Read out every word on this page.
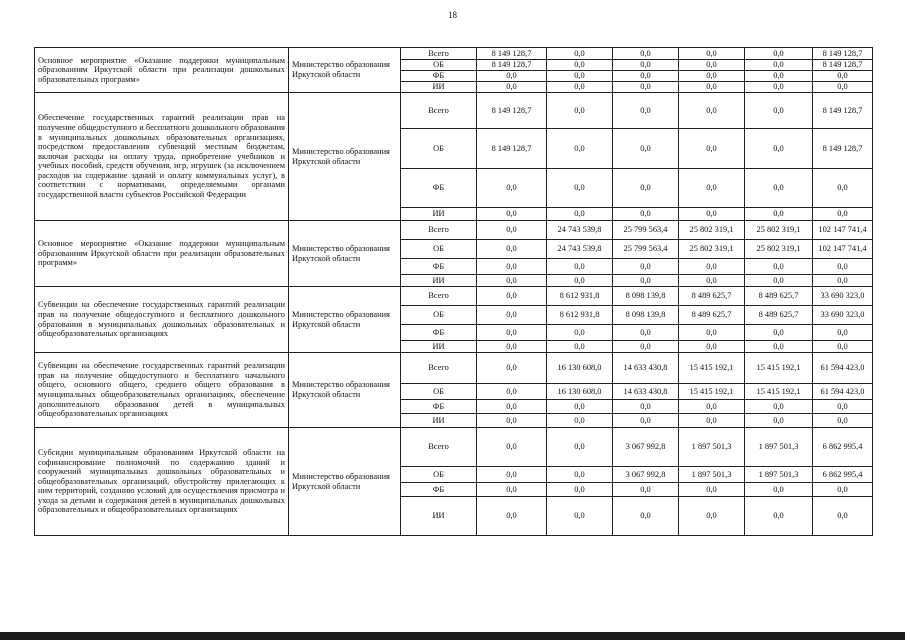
18
Основное мероприятие «Оказание поддержки муниципальным образованиям Иркутской области при реализации дошкольных образовательных программ»	Министерство образования Иркутской области	Всего	8 149 128,7	0,0	0,0	0,0	0,0	8 149 128,7
		ОБ	8 149 128,7	0,0	0,0	0,0	0,0	8 149 128,7
		ФБ	0,0	0,0	0,0	0,0	0,0	0,0
		ИИ	0,0	0,0	0,0	0,0	0,0	0,0
Обеспечение государственных гарантий реализации прав на получение общедоступного и бесплатного дошкольного образования в муниципальных дошкольных образовательных организациях, посредством предоставления субвенций местным бюджетам, включая расходы на оплату труда, приобретение учебников и учебных пособий, средств обучения, игр, игрушек (за исключением расходов на содержание зданий и оплату коммунальных услуг), в соответствии с нормативами, определяемыми органами государственной власти субъектов Российской Федерации	Министерство образования Иркутской области	Всего	8 149 128,7	0,0	0,0	0,0	0,0	8 149 128,7
		ОБ	8 149 128,7	0,0	0,0	0,0	0,0	8 149 128,7
		ФБ	0,0	0,0	0,0	0,0	0,0	0,0
		ИИ	0,0	0,0	0,0	0,0	0,0	0,0
Основное мероприятие «Оказание поддержки муниципальным образованиям Иркутской области при реализации образовательных программ»	Министерство образования Иркутской области	Всего	0,0	24 743 539,8	25 799 563,4	25 802 319,1	25 802 319,1	102 147 741,4
		ОБ	0,0	24 743 539,8	25 799 563,4	25 802 319,1	25 802 319,1	102 147 741,4
		ФБ	0,0	0,0	0,0	0,0	0,0	0,0
		ИИ	0,0	0,0	0,0	0,0	0,0	0,0
Субвенции на обеспечение государственных гарантий реализации прав на получение общедоступного и бесплатного дошкольного образования в муниципальных дошкольных образовательных и общеобразовательных организациях	Министерство образования Иркутской области	Всего	0,0	8 612 931,8	8 098 139,8	8 489 625,7	8 489 625,7	33 690 323,0
		ОБ	0,0	8 612 931,8	8 098 139,8	8 489 625,7	8 489 625,7	33 690 323,0
		ФБ	0,0	0,0	0,0	0,0	0,0	0,0
		ИИ	0,0	0,0	0,0	0,0	0,0	0,0
Субвенции на обеспечение государственных гарантий реализации прав на получение общедоступного и бесплатного начального общего, основного общего, среднего общего образования в муниципальных общеобразовательных организациях, обеспечение дополнительного образования детей в муниципальных общеобразовательных организациях	Министерство образования Иркутской области	Всего	0,0	16 130 608,0	14 633 430,8	15 415 192,1	15 415 192,1	61 594 423,0
		ОБ	0,0	16 130 608,0	14 633 430,8	15 415 192,1	15 415 192,1	61 594 423,0
		ФБ	0,0	0,0	0,0	0,0	0,0	0,0
		ИИ	0,0	0,0	0,0	0,0	0,0	0,0
Субсидии муниципальным образованиям Иркутской области на софинансирование полномочий по содержанию зданий и сооружений муниципальных дошкольных образовательных и общеобразовательных организаций, обустройству прилегающих к ним территорий, созданию условий для осуществления присмотра и ухода за детьми и содержания детей в муниципальных дошкольных образовательных и общеобразовательных организациях	Министерство образования Иркутской области	Всего	0,0	0,0	3 067 992,8	1 897 501,3	1 897 501,3	6 862 995,4
		ОБ	0,0	0,0	3 067 992,8	1 897 501,3	1 897 501,3	6 862 995,4
		ФБ	0,0	0,0	0,0	0,0	0,0	0,0
		ИИ	0,0	0,0	0,0	0,0	0,0	0,0
